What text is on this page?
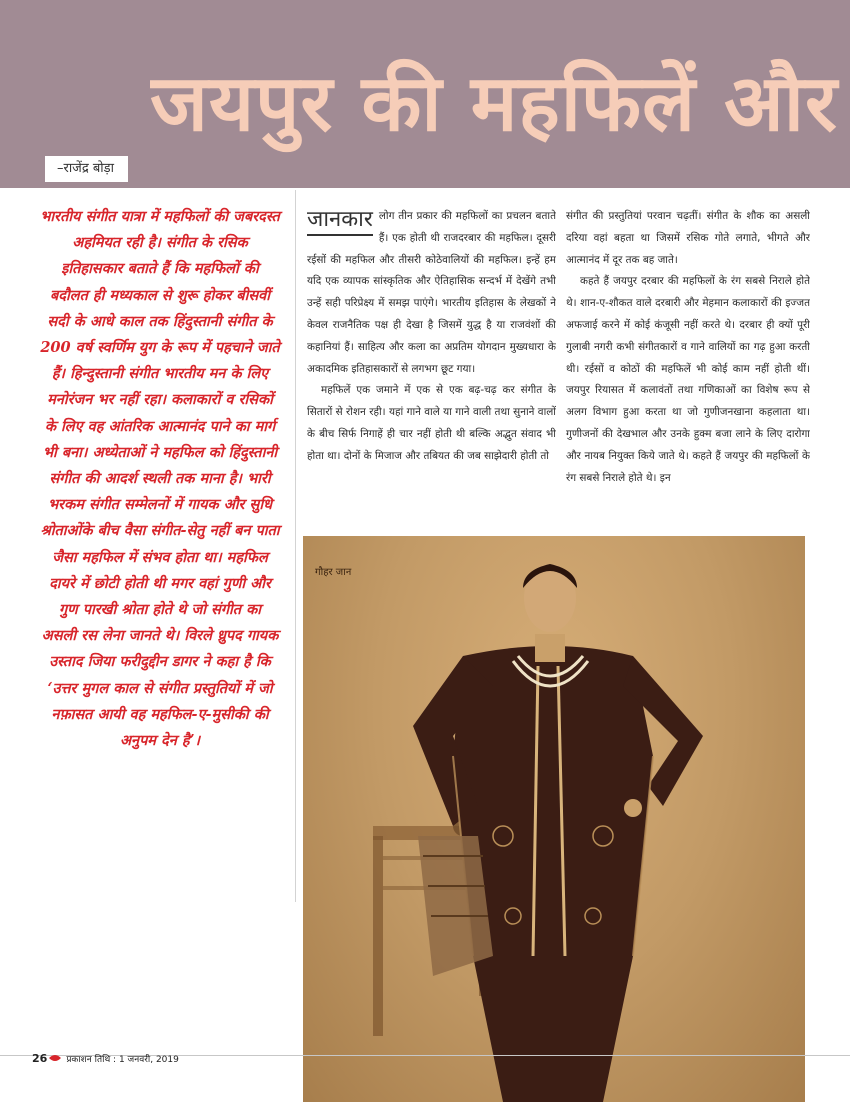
जयपुर की महफिलें और
–राजेंद्र बोड़ा

भारतीय संगीत यात्रा में महफिलों की जबरदस्त अहमियत रही है। संगीत के रसिक इतिहासकार बताते हैं कि महफिलों की बदौलत ही मध्यकाल से शुरू होकर बीसवीं सदी के आधे काल तक हिंदुस्तानी संगीत के 200 वर्ष स्वर्णिम युग के रूप में पहचाने जाते हैं। हिन्दुस्तानी संगीत भारतीय मन के लिए मनोरंजन भर नहीं रहा। कलाकारों व रसिकों के लिए वह आंतरिक आत्मानंद पाने का मार्ग भी बना। अध्येताओं ने महफिल को हिंदुस्तानी संगीत की आदर्श स्थली तक माना है। भारी भरकम संगीत सम्मेलनों में गायक और सुधि श्रोताओंके बीच वैसा संगीत-सेतु नहीं बन पाता जैसा महफिल में संभव होता था। महफिल दायरे में छोटी होती थी मगर वहां गुणी और गुण पारखी श्रोता होते थे जो संगीत का असली रस लेना जानते थे। विरले ध्रुपद गायक उस्ताद जिया फरीदुद्दीन डागर ने कहा है कि ‘उत्तर मुगल काल से संगीत प्रस्तुतियों में जो नफ़ासत आयी वह महफिल-ए-मुसीकी की अनुपम देन है’।

जानकार लोग तीन प्रकार की महफिलों का प्रचलन बताते हैं। एक होती थी राजदरबार की महफिल। दूसरी रईसों की महफिल और तीसरी कोठेवालियों की महफिल। इन्हें हम यदि एक व्यापक सांस्कृतिक और ऐतिहासिक सन्दर्भ में देखेंगे तभी उन्हें सही परिप्रेक्ष्य में समझ पाएंगे। भारतीय इतिहास के लेखकों ने केवल राजनैतिक पक्ष ही देखा है जिसमें युद्ध है या राजवंशों की कहानियां हैं। साहित्य और कला का अप्रतिम योगदान मुख्यधारा के अकादमिक इतिहासकारों से लगभग छूट गया।

महफिलें एक जमाने में एक से एक बढ़-चढ़ कर संगीत के सितारों से रोशन रही। यहां गाने वाले या गाने वाली तथा सुनाने वालों के बीच सिर्फ निगाहें ही चार नहीं होती थी बल्कि अद्भुत संवाद भी होता था। दोनों के मिजाज और तबियत की जब साझेदारी होती तो

संगीत की प्रस्तुतियां परवान चढ़तीं। संगीत के शौक का असली दरिया वहां बहता था जिसमें रसिक गोते लगाते, भीगते और आत्मानंद में दूर तक बह जाते।

कहते हैं जयपुर दरबार की महफिलों के रंग सबसे निराले होते थे। शान-ए-शौकत वाले दरबारी और मेहमान कलाकारों की इज्जत अफजाई करने में कोई कंजूसी नहीं करते थे। दरबार ही क्यों पूरी गुलाबी नगरी कभी संगीतकारों व गाने वालियों का गढ़ हुआ करती थी। रईसों व कोठों की महफिलें भी कोई काम नहीं होती थीं। जयपुर रियासत में कलावंतों तथा गणिकाओं का विशेष रूप से अलग विभाग हुआ करता था जो गुणीजनखाना कहलाता था। गुणीजनों की देखभाल और उनके हुक्म बजा लाने के लिए दारोगा और नायब नियुक्त किये जाते थे। कहते हैं जयपुर की महफिलों के रंग सबसे निराले होते थे। इन

गौहर जान
26 प्रकाशन तिथि : 1 जनवरी, 2019
